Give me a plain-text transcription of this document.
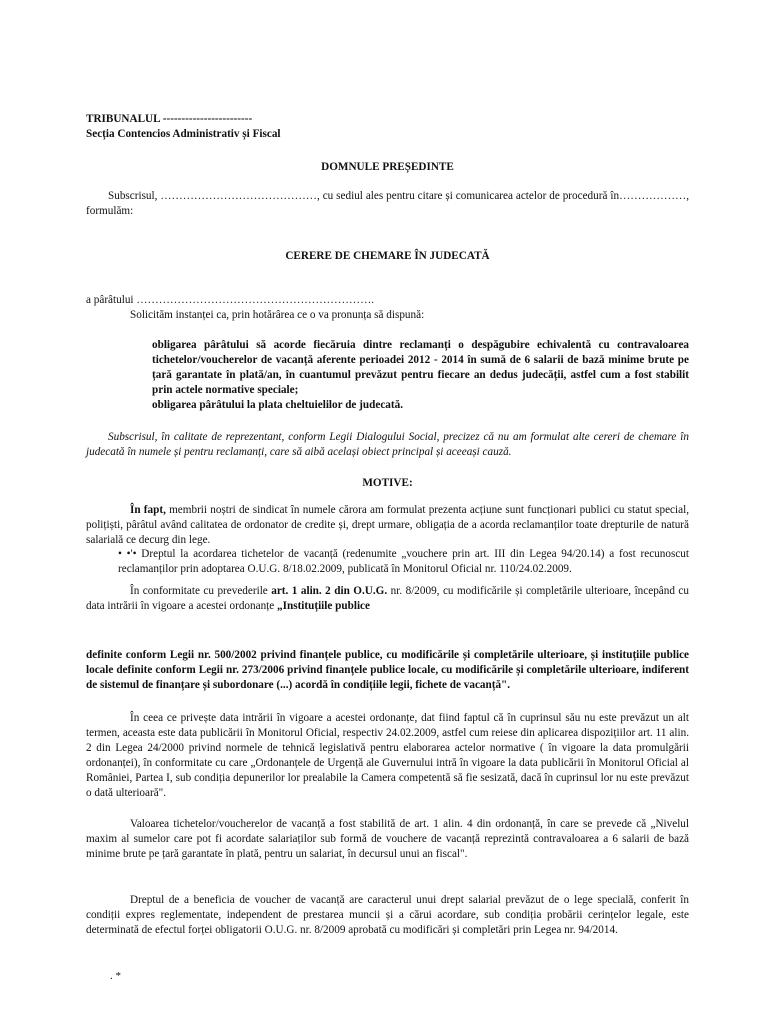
TRIBUNALUL ------------------------

Secția Contencios Administrativ și Fiscal

DOMNULE PREȘEDINTE

Subscrisul, ……………………………………, cu sediul ales pentru citare și comunicarea actelor de procedură în………………, formulăm:

CERERE DE CHEMARE ÎN JUDECATĂ

a pârâtului ……………………………………………………….

Solicităm instanței ca, prin hotărârea ce o va pronunța să dispună:

obligarea pârâtului să acorde fiecăruia dintre reclamanți o despăgubire echivalentă cu contravaloarea tichetelor/voucherelor de vacanță aferente perioadei 2012 - 2014 în sumă de 6 salarii de bază minime brute pe țară garantate în plată/an, în cuantumul prevăzut pentru fiecare an dedus judecății, astfel cum a fost stabilit prin actele normative speciale;

obligarea pârâtului la plata cheltuielilor de judecată.

Subscrisul, în calitate de reprezentant, conform Legii Dialogului Social, precizez că nu am formulat alte cereri de chemare în judecată în numele și pentru reclamanți, care să aibă același obiect principal și aceeași cauză.

MOTIVE:

În fapt, membrii noștri de sindicat în numele cărora am formulat prezenta acțiune sunt funcționari publici cu statut special, polițiști, pârâtul având calitatea de ordonator de credite și, drept urmare, obligația de a acorda reclamanților toate drepturile de natură salarială ce decurg din lege.

• •'• Dreptul la acordarea tichetelor de vacanță (redenumite „vouchere prin art. III din Legea 94/20.14) a fost recunoscut reclamanților prin adoptarea O.U.G. 8/18.02.2009, publicată în Monitorul Oficial nr. 110/24.02.2009.

În conformitate cu prevederile art. 1 alin. 2 din O.U.G. nr. 8/2009, cu modificările și completările ulterioare, începând cu data intrării în vigoare a acestei ordonanțe „Instituțiile publice

definite conform Legii nr. 500/2002 privind finanțele publice, cu modificările și completările ulterioare, și instituțiile publice locale definite conform Legii nr. 273/2006 privind finanțele publice locale, cu modificările și completările ulterioare, indiferent de sistemul de finanțare și subordonare (...) acordă în condițiile legii, fichete de vacanță".

În ceea ce privește data intrării în vigoare a acestei ordonanțe, dat fiind faptul că în cuprinsul său nu este prevăzut un alt termen, aceasta este data publicării în Monitorul Oficial, respectiv 24.02.2009, astfel cum reiese din aplicarea dispozițiilor art. 11 alin. 2 din Legea 24/2000 privind normele de tehnică legislativă pentru elaborarea actelor normative ( în vigoare la data promulgării ordonanței), în conformitate cu care „Ordonanțele de Urgență ale Guvernului intră în vigoare la data publicării în Monitorul Oficial al României, Partea I, sub condiția depunerilor lor prealabile la Camera competentă să fie sesizată, dacă în cuprinsul lor nu este prevăzut o dată ulterioară".

Valoarea tichetelor/voucherelor de vacanță a fost stabilită de art. 1 alin. 4 din ordonanță, în care se prevede că „Nivelul maxim al sumelor care pot fi acordate salariaților sub formă de vouchere de vacanță reprezintă contravaloarea a 6 salarii de bază minime brute pe țară garantate în plată, pentru un salariat, în decursul unui an fiscal".

Dreptul de a beneficia de voucher de vacanță are caracterul unui drept salarial prevăzut de o lege specială, conferit în condiții expres reglementate, independent de prestarea muncii și a cărui acordare, sub condiția probării cerințelor legale, este determinată de efectul forței obligatorii O.U.G. nr. 8/2009 aprobată cu modificări și completări prin Legea nr. 94/2014.

. *
